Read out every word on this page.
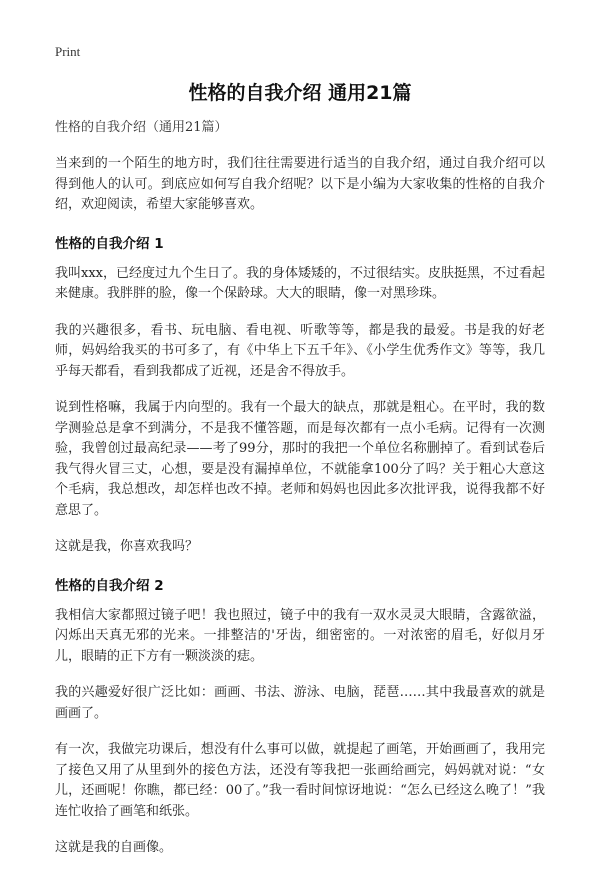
Print
性格的自我介绍 通用21篇
性格的自我介绍（通用21篇）

当来到的一个陌生的地方时，我们往往需要进行适当的自我介绍，通过自我介绍可以得到他人的认可。到底应如何写自我介绍呢？以下是小编为大家收集的性格的自我介绍，欢迎阅读，希望大家能够喜欢。

性格的自我介绍 1

我叫xxx，已经度过九个生日了。我的身体矮矮的，不过很结实。皮肤挺黑，不过看起来健康。我胖胖的脸，像一个保龄球。大大的眼睛，像一对黑珍珠。

我的兴趣很多，看书、玩电脑、看电视、听歌等等，都是我的最爱。书是我的好老师，妈妈给我买的书可多了，有《中华上下五千年》、《小学生优秀作文》等等，我几乎每天都看，看到我都成了近视，还是舍不得放手。

说到性格嘛，我属于内向型的。我有一个最大的缺点，那就是粗心。在平时，我的数学测验总是拿不到满分，不是我不懂答题，而是每次都有一点小毛病。记得有一次测验，我曾创过最高纪录——考了99分，那时的我把一个单位名称删掉了。看到试卷后我气得火冒三丈，心想，要是没有漏掉单位，不就能拿100分了吗？关于粗心大意这个毛病，我总想改，却怎样也改不掉。老师和妈妈也因此多次批评我，说得我都不好意思了。

这就是我，你喜欢我吗？

性格的自我介绍 2

我相信大家都照过镜子吧！我也照过，镜子中的我有一双水灵灵大眼睛，含露欲溢，闪烁出天真无邪的光来。一排整洁的'牙齿，细密密的。一对浓密的眉毛，好似月牙儿，眼睛的正下方有一颗淡淡的痣。

我的兴趣爱好很广泛比如：画画、书法、游泳、电脑，琵琶……其中我最喜欢的就是画画了。

有一次，我做完功课后，想没有什么事可以做，就提起了画笔，开始画画了，我用完了接色又用了从里到外的接色方法，还没有等我把一张画给画完，妈妈就对说：“女儿，还画呢！你瞧，都已经：00了。”我一看时间惊讶地说：“怎么已经这么晚了！”我连忙收拾了画笔和纸张。

这就是我的自画像。
